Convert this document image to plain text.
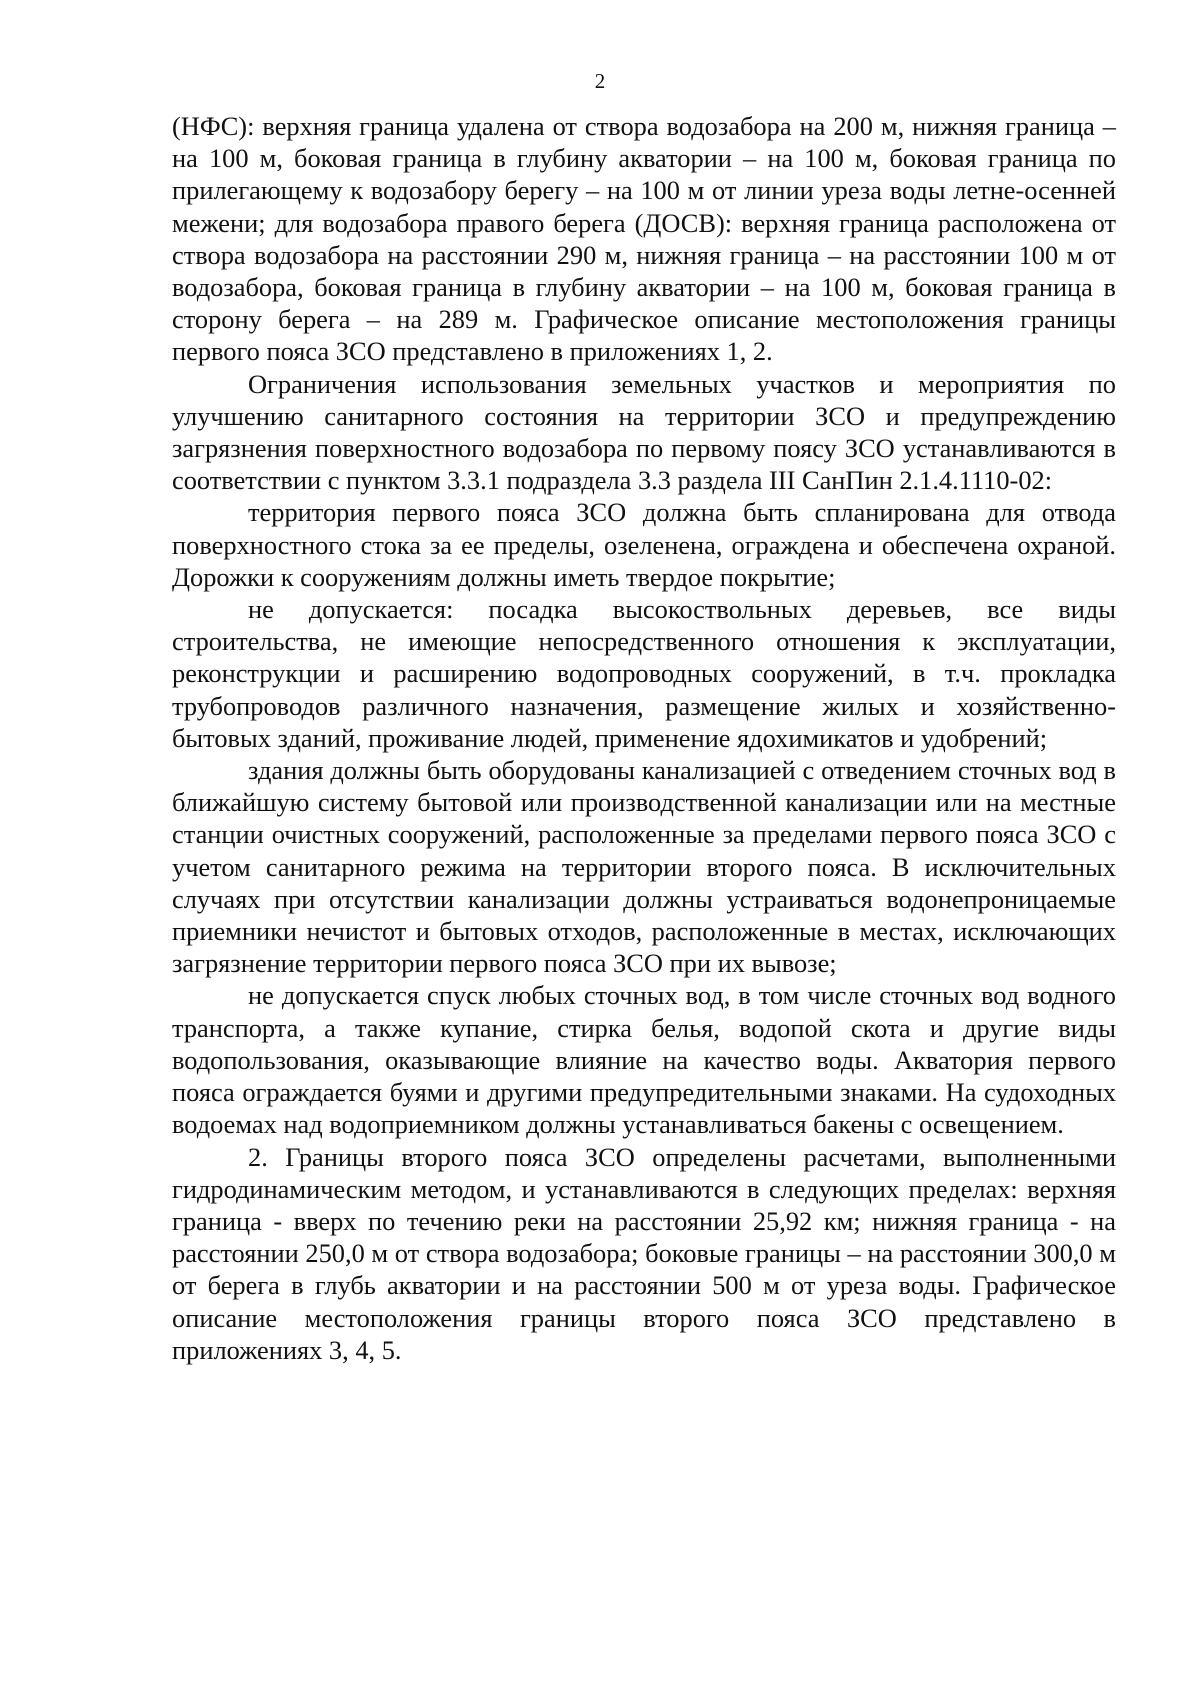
2

(НФС): верхняя граница удалена от створа водозабора на 200 м, нижняя граница – на 100 м, боковая граница в глубину акватории – на 100 м, боковая граница по прилегающему к водозабору берегу – на 100 м от линии уреза воды летне-осенней межени; для водозабора правого берега (ДОСВ): верхняя граница расположена от створа водозабора на расстоянии 290 м, нижняя граница – на расстоянии 100 м от водозабора, боковая граница в глубину акватории – на 100 м, боковая граница в сторону берега – на 289 м. Графическое описание местоположения границы первого пояса ЗСО представлено в приложениях 1, 2.

Ограничения использования земельных участков и мероприятия по улучшению санитарного состояния на территории ЗСО и предупреждению загрязнения поверхностного водозабора по первому поясу ЗСО устанавливаются в соответствии с пунктом 3.3.1 подраздела 3.3 раздела III СанПин 2.1.4.1110-02:

территория первого пояса ЗСО должна быть спланирована для отвода поверхностного стока за ее пределы, озеленена, ограждена и обеспечена охраной. Дорожки к сооружениям должны иметь твердое покрытие;

не допускается: посадка высокоствольных деревьев, все виды строительства, не имеющие непосредственного отношения к эксплуатации, реконструкции и расширению водопроводных сооружений, в т.ч. прокладка трубопроводов различного назначения, размещение жилых и хозяйственно-бытовых зданий, проживание людей, применение ядохимикатов и удобрений;

здания должны быть оборудованы канализацией с отведением сточных вод в ближайшую систему бытовой или производственной канализации или на местные станции очистных сооружений, расположенные за пределами первого пояса ЗСО с учетом санитарного режима на территории второго пояса. В исключительных случаях при отсутствии канализации должны устраиваться водонепроницаемые приемники нечистот и бытовых отходов, расположенные в местах, исключающих загрязнение территории первого пояса ЗСО при их вывозе;

не допускается спуск любых сточных вод, в том числе сточных вод водного транспорта, а также купание, стирка белья, водопой скота и другие виды водопользования, оказывающие влияние на качество воды. Акватория первого пояса ограждается буями и другими предупредительными знаками. На судоходных водоемах над водоприемником должны устанавливаться бакены с освещением.

2. Границы второго пояса ЗСО определены расчетами, выполненными гидродинамическим методом, и устанавливаются в следующих пределах: верхняя граница - вверх по течению реки на расстоянии 25,92 км; нижняя граница - на расстоянии 250,0 м от створа водозабора; боковые границы – на расстоянии 300,0 м от берега в глубь акватории и на расстоянии 500 м от уреза воды. Графическое описание местоположения границы второго пояса ЗСО представлено в приложениях 3, 4, 5.
